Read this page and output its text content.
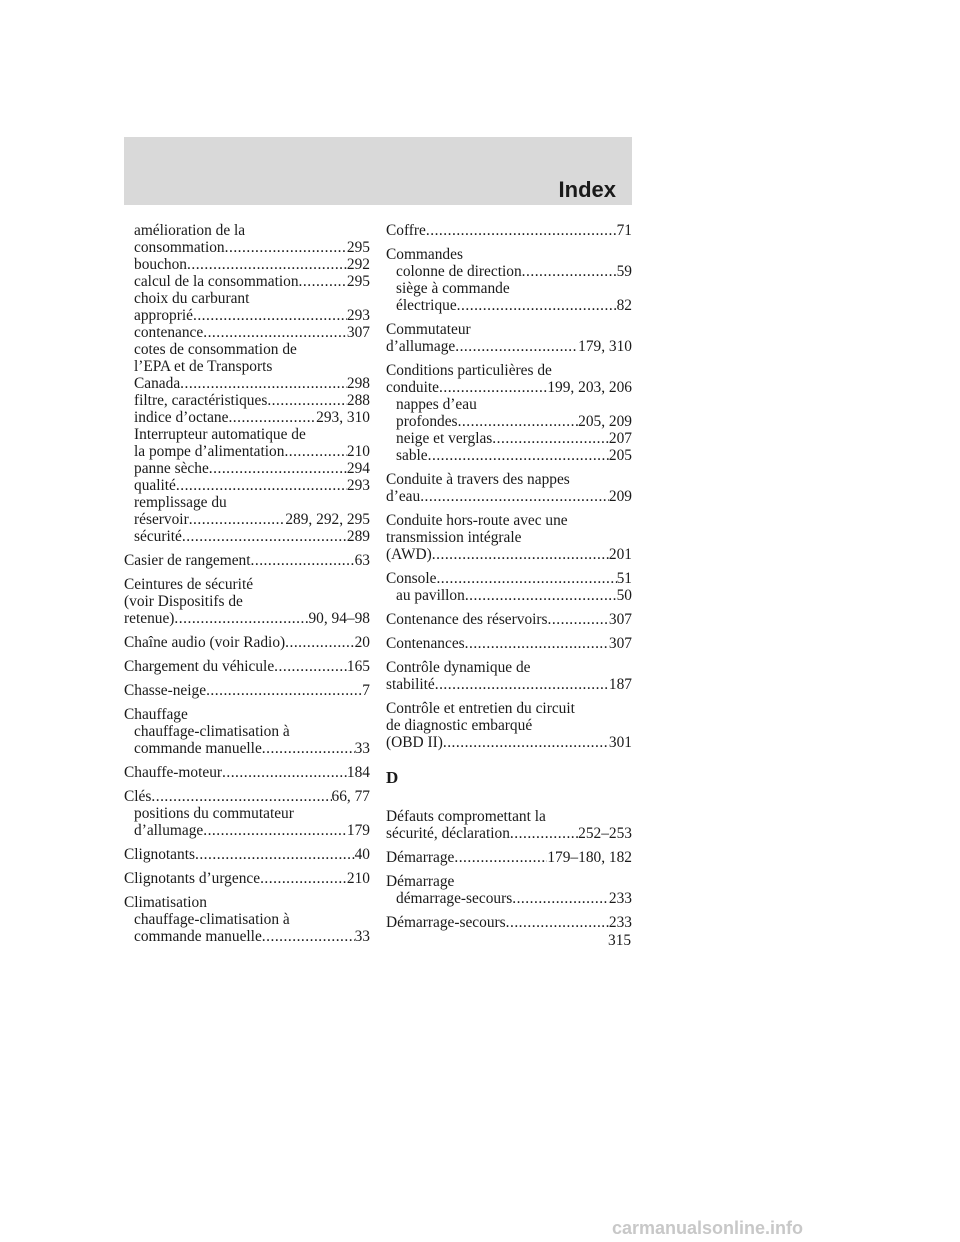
Index
amélioration de la
consommation .....	295
bouchon .....	292
calcul de la consommation .....	295
choix du carburant
approprié .....	293
contenance .....	307
cotes de consommation de
l’EPA et de Transports
Canada .....	298
filtre, caractéristiques .....	288
indice d’octane .....	293, 310
Interrupteur automatique de
la pompe d’alimentation .....	210
panne sèche .....	294
qualité .....	293
remplissage du
réservoir .....	289, 292, 295
sécurité .....	289
Casier de rangement .....	63
Ceintures de sécurité
(voir Dispositifs de
retenue) .....	90, 94–98
Chaîne audio (voir Radio) .....	20
Chargement du véhicule .....	165
Chasse-neige .....	7
Chauffage
chauffage-climatisation à
commande manuelle .....	33
Chauffe-moteur .....	184
Clés .....	66, 77
positions du commutateur
d’allumage .....	179
Clignotants .....	40
Clignotants d’urgence .....	210
Climatisation
chauffage-climatisation à
commande manuelle .....	33
Coffre .....	71
Commandes
colonne de direction .....	59
siège à commande
électrique .....	82
Commutateur
d’allumage .....	179, 310
Conditions particulières de
conduite .....	199, 203, 206
nappes d’eau
profondes .....	205, 209
neige et verglas .....	207
sable .....	205
Conduite à travers des nappes
d’eau .....	209
Conduite hors-route avec une
transmission intégrale
(AWD) .....	201
Console .....	51
au pavillon .....	50
Contenance des réservoirs .....	307
Contenances .....	307
Contrôle dynamique de
stabilité .....	187
Contrôle et entretien du circuit
de diagnostic embarqué
(OBD II) .....	301
D
Défauts compromettant la
sécurité, déclaration .....	252–253
Démarrage .....	179–180, 182
Démarrage
démarrage-secours .....	233
Démarrage-secours .....	233
315
carmanualsonline.info
